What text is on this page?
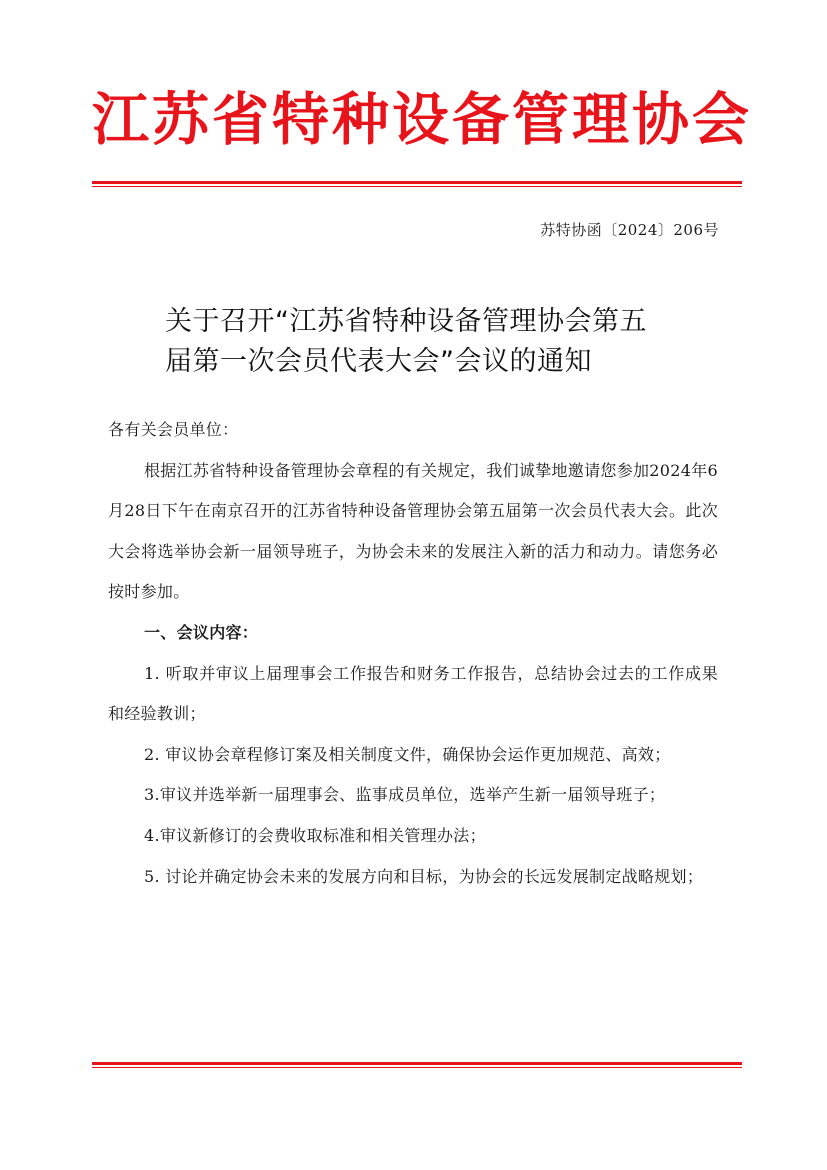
江苏省特种设备管理协会
苏特协函〔2024〕206号
关于召开“江苏省特种设备管理协会第五
届第一次会员代表大会”会议的通知

各有关会员单位：

根据江苏省特种设备管理协会章程的有关规定，我们诚挚地邀请您参加2024年6月28日下午在南京召开的江苏省特种设备管理协会第五届第一次会员代表大会。此次大会将选举协会新一届领导班子，为协会未来的发展注入新的活力和动力。请您务必按时参加。

一、会议内容：

1. 听取并审议上届理事会工作报告和财务工作报告，总结协会过去的工作成果和经验教训；

2. 审议协会章程修订案及相关制度文件，确保协会运作更加规范、高效；

3.审议并选举新一届理事会、监事成员单位，选举产生新一届领导班子；

4.审议新修订的会费收取标准和相关管理办法；

5. 讨论并确定协会未来的发展方向和目标，为协会的长远发展制定战略规划；
